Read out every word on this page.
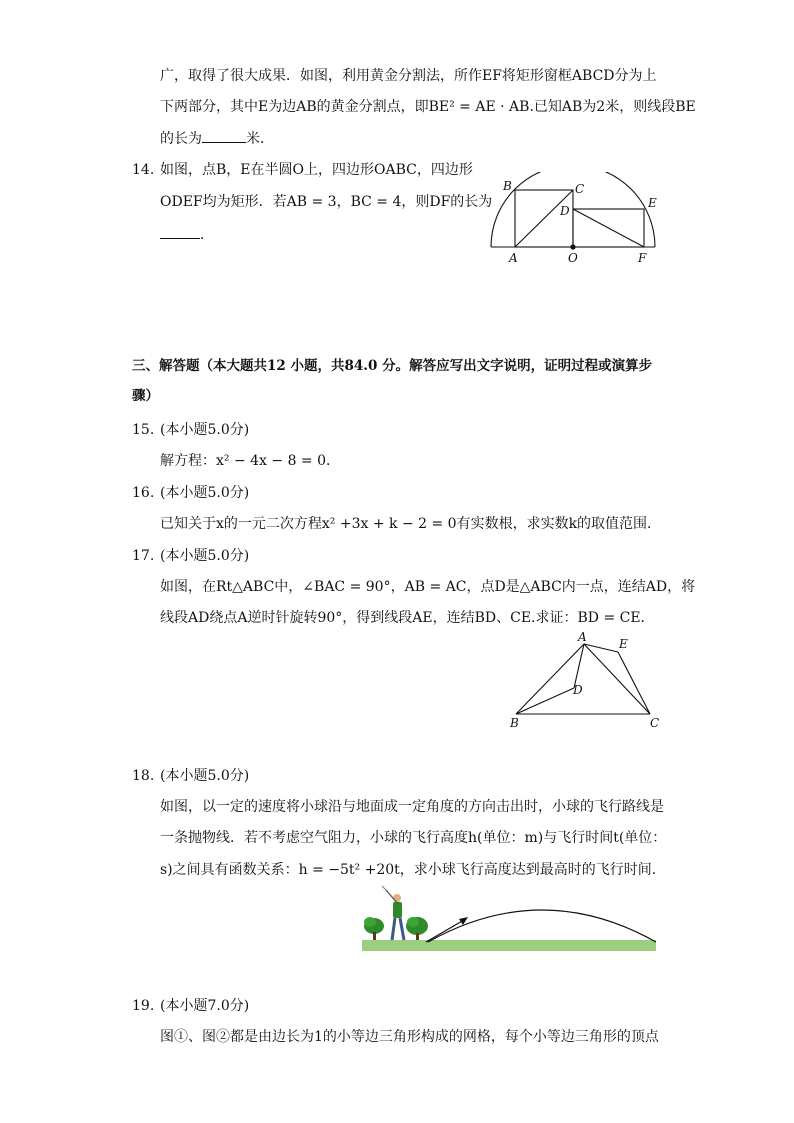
广，取得了很大成果．如图，利用黄金分割法，所作EF将矩形窗框ABCD分为上
下两部分，其中E为边AB的黄金分割点，即BE² = AE · AB.已知AB为2米，则线段BE
的长为	米．
14. 如图，点B，E在半圆O上，四边形OABC，四边形
ODEF均为矩形．若AB = 3，BC = 4，则DF的长为
．
B	C
D
E
A	O	F
三、解答题（本大题共12 小题，共84.0 分。解答应写出文字说明，证明过程或演算步
骤）
15. (本小题5.0分)
解方程：x² − 4x − 8 = 0．
16. (本小题5.0分)
已知关于x的一元二次方程x² +3x + k − 2 = 0有实数根，求实数k的取值范围．
17. (本小题5.0分)
如图，在Rt△ABC中，∠BAC = 90°，AB = AC，点D是△ABC内一点，连结AD，将
线段AD绕点A逆时针旋转90°，得到线段AE，连结BD、CE.求证：BD = CE．
A	E
D
B	C
18. (本小题5.0分)
如图，以一定的速度将小球沿与地面成一定角度的方向击出时，小球的飞行路线是
一条抛物线．若不考虑空气阻力，小球的飞行高度h(单位：m)与飞行时间t(单位：
s)之间具有函数关系：h = −5t² +20t，求小球飞行高度达到最高时的飞行时间．
19. (本小题7.0分)
图①、图②都是由边长为1的小等边三角形构成的网格，每个小等边三角形的顶点
